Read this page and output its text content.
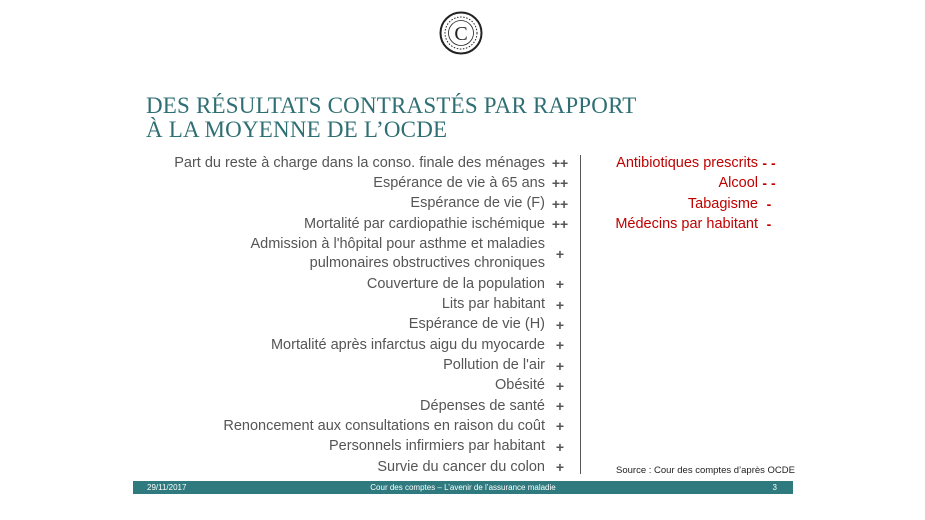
C
DES RÉSULTATS CONTRASTÉS PAR RAPPORT
À LA MOYENNE DE L’OCDE
Part du reste à charge dans la conso. finale des ménages ++
Espérance de vie à 65 ans ++
Espérance de vie (F) ++
Mortalité par cardiopathie ischémique ++
Admission à l'hôpital pour asthme et maladies
pulmonaires obstructives chroniques
+
Couverture de la population +
Lits par habitant +
Espérance de vie (H) +
Mortalité après infarctus aigu du myocarde +
Pollution de l'air +
Obésité +
Dépenses de santé +
Renoncement aux consultations en raison du coût +
Personnels infirmiers par habitant +
Survie du cancer du colon +
Antibiotiques prescrits - -
Alcool - -
Tabagisme -
Médecins par habitant -
Source : Cour des comptes d’après OCDE
29/11/2017	Cour des comptes – L’avenir de l’assurance maladie	3
